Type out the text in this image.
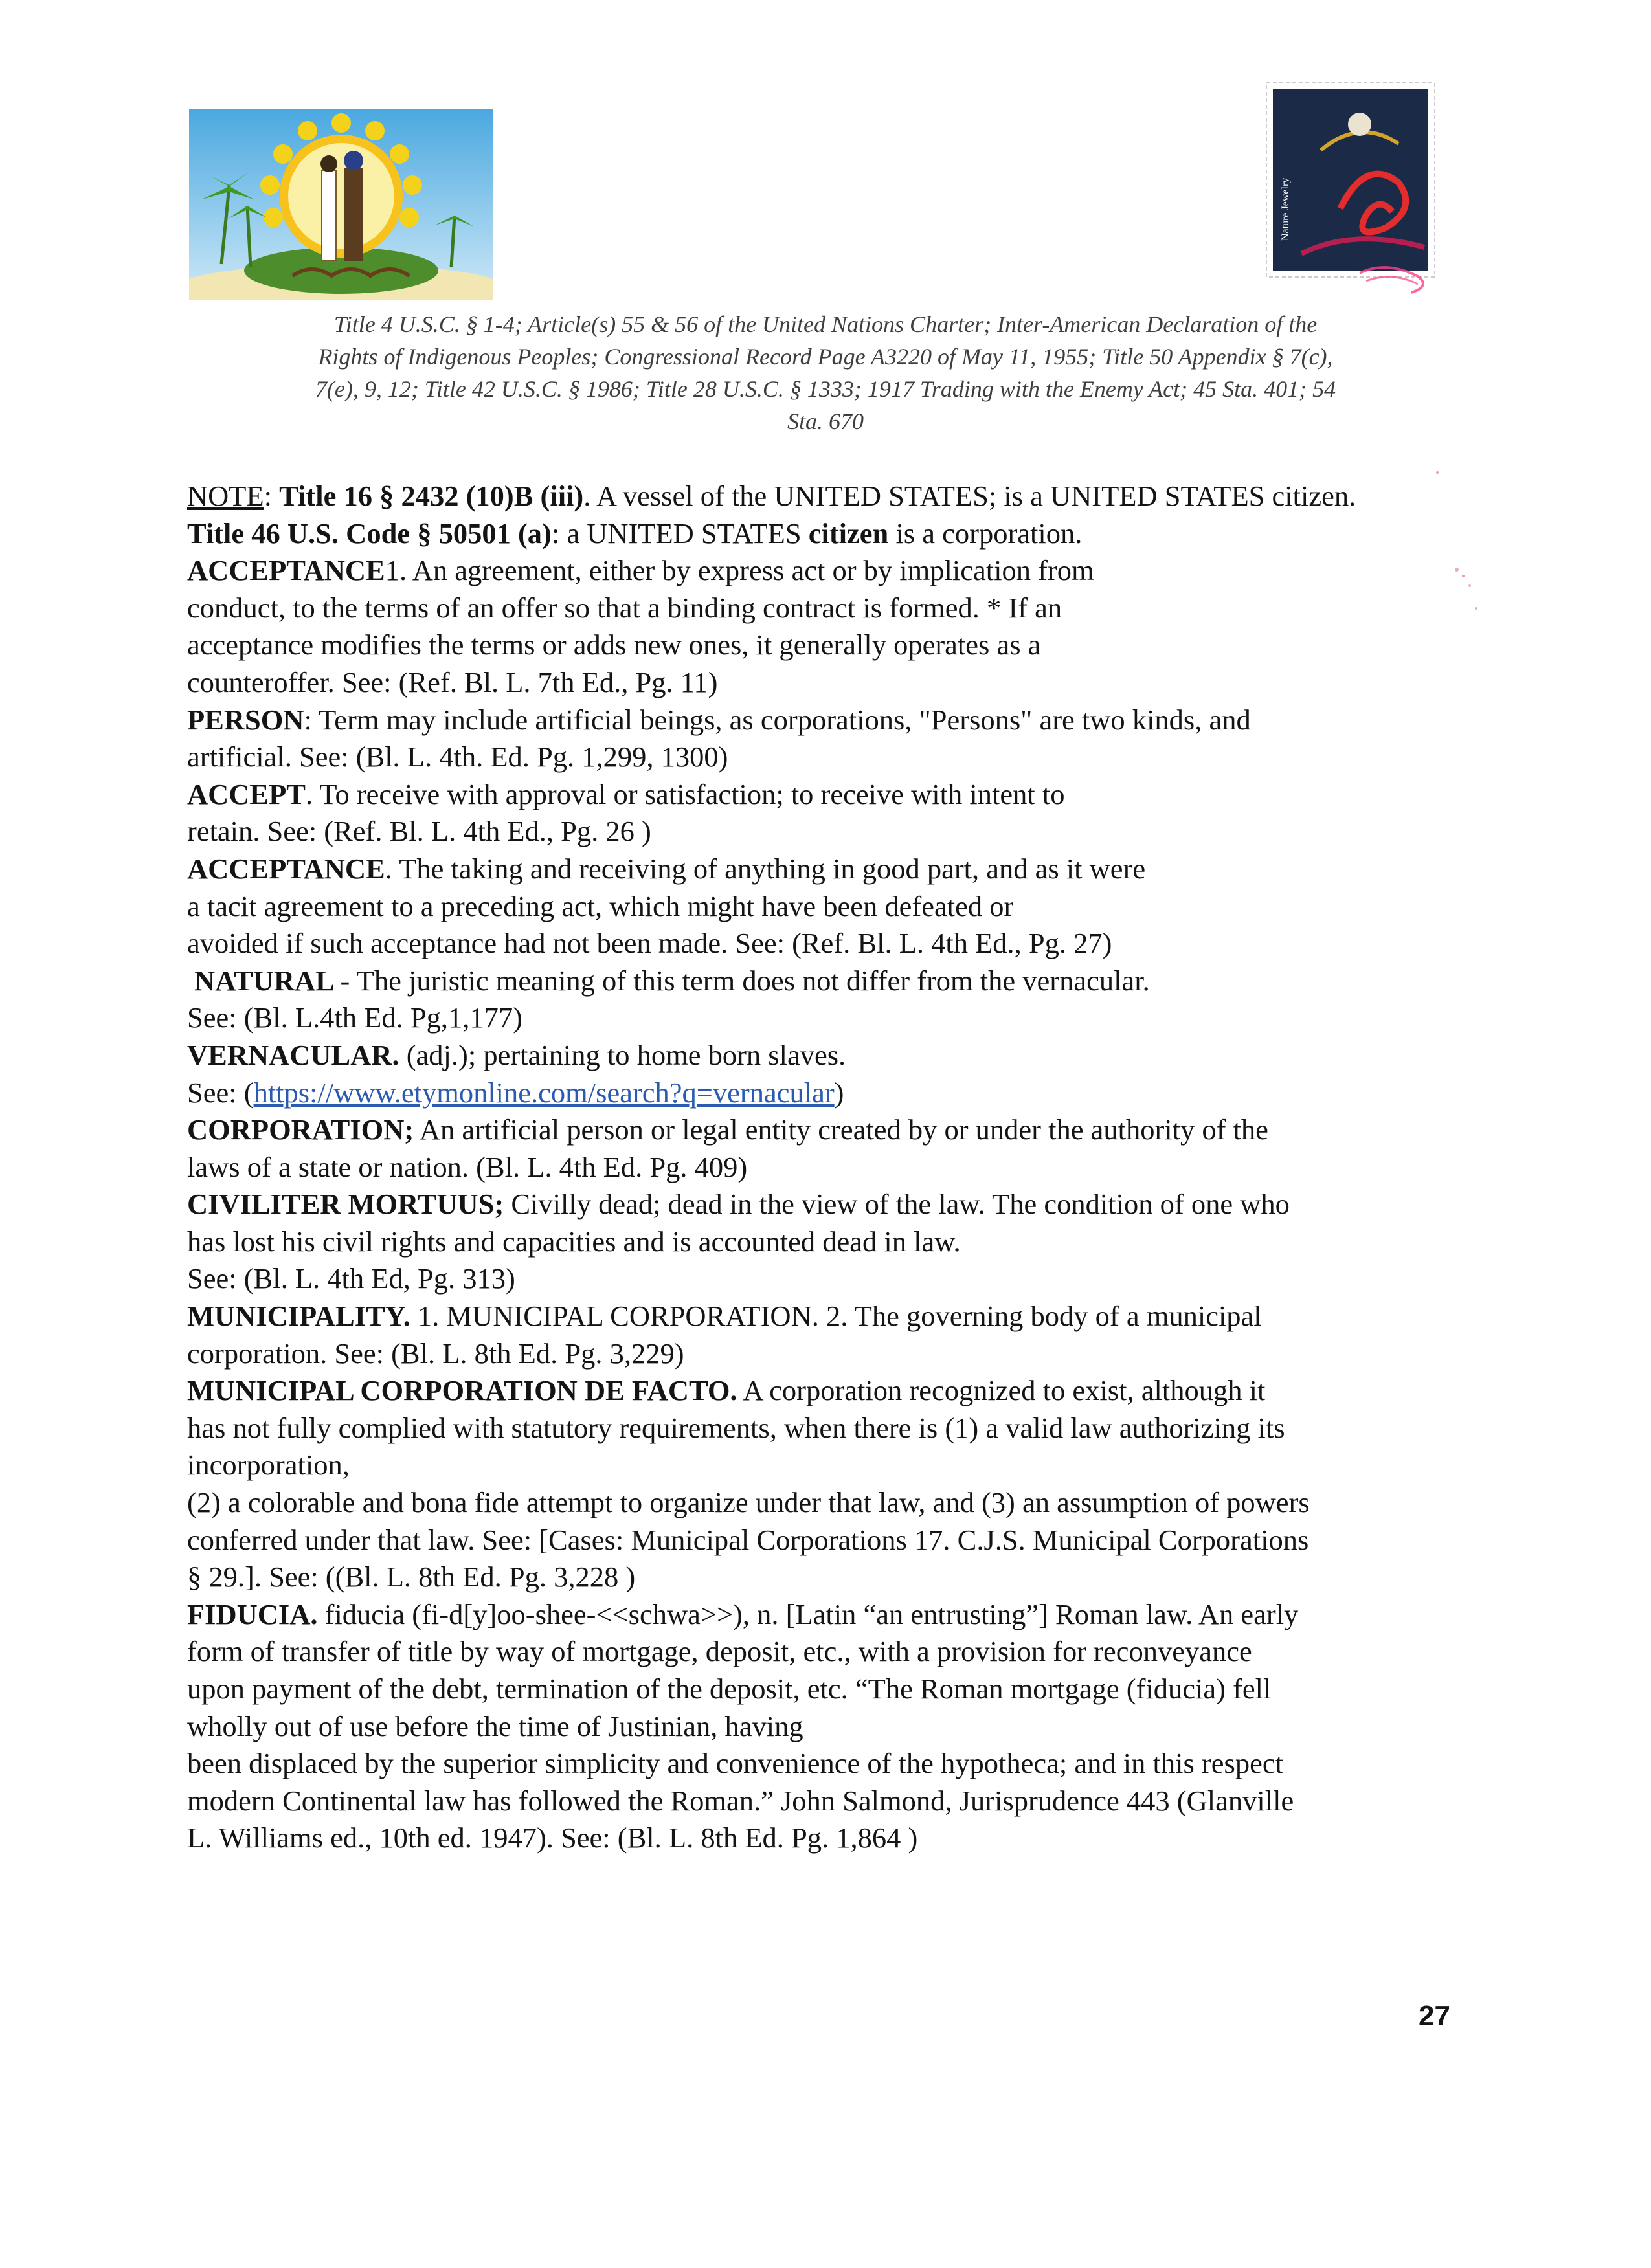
Nature Jewelry
Title 4 U.S.C. § 1-4; Article(s) 55 & 56 of the United Nations Charter; Inter-American Declaration of the
Rights of Indigenous Peoples; Congressional Record Page A3220 of May 11, 1955; Title 50 Appendix § 7(c),
7(e), 9, 12; Title 42 U.S.C. § 1986; Title 28 U.S.C. § 1333; 1917 Trading with the Enemy Act; 45 Sta. 401; 54
Sta. 670
NOTE: Title 16 § 2432 (10)B (iii). A vessel of the UNITED STATES; is a UNITED STATES citizen.
Title 46 U.S. Code § 50501 (a): a UNITED STATES citizen is a corporation.
ACCEPTANCE1. An agreement, either by express act or by implication from
conduct, to the terms of an offer so that a binding contract is formed. * If an
acceptance modifies the terms or adds new ones, it generally operates as a
counteroffer. See: (Ref. Bl. L. 7th Ed., Pg. 11)
PERSON: Term may include artificial beings, as corporations, "Persons" are two kinds, and
artificial. See: (Bl. L. 4th. Ed. Pg. 1,299, 1300)
ACCEPT. To receive with approval or satisfaction; to receive with intent to
retain. See: (Ref. Bl. L. 4th Ed., Pg. 26 )
ACCEPTANCE. The taking and receiving of anything in good part, and as it were
a tacit agreement to a preceding act, which might have been defeated or
avoided if such acceptance had not been made. See: (Ref. Bl. L. 4th Ed., Pg. 27)
NATURAL - The juristic meaning of this term does not differ from the vernacular.
See: (Bl. L.4th Ed. Pg,1,177)
VERNACULAR. (adj.); pertaining to home born slaves.
See: (https://www.etymonline.com/search?q=vernacular)
CORPORATION; An artificial person or legal entity created by or under the authority of the
laws of a state or nation. (Bl. L. 4th Ed. Pg. 409)
CIVILITER MORTUUS; Civilly dead; dead in the view of the law. The condition of one who
has lost his civil rights and capacities and is accounted dead in law.
See: (Bl. L. 4th Ed, Pg. 313)
MUNICIPALITY. 1. MUNICIPAL CORPORATION. 2. The governing body of a municipal
corporation. See: (Bl. L. 8th Ed. Pg. 3,229)
MUNICIPAL CORPORATION DE FACTO. A corporation recognized to exist, although it
has not fully complied with statutory requirements, when there is (1) a valid law authorizing its
incorporation,
(2) a colorable and bona fide attempt to organize under that law, and (3) an assumption of powers
conferred under that law. See: [Cases: Municipal Corporations 17. C.J.S. Municipal Corporations
§ 29.]. See: ((Bl. L. 8th Ed. Pg. 3,228 )
FIDUCIA. fiducia (fi-d[y]oo-shee-<<schwa>>), n. [Latin “an entrusting”] Roman law. An early
form of transfer of title by way of mortgage, deposit, etc., with a provision for reconveyance
upon payment of the debt, termination of the deposit, etc. “The Roman mortgage (fiducia) fell
wholly out of use before the time of Justinian, having
been displaced by the superior simplicity and convenience of the hypotheca; and in this respect
modern Continental law has followed the Roman.” John Salmond, Jurisprudence 443 (Glanville
L. Williams ed., 10th ed. 1947). See: (Bl. L. 8th Ed. Pg. 1,864 )
27
